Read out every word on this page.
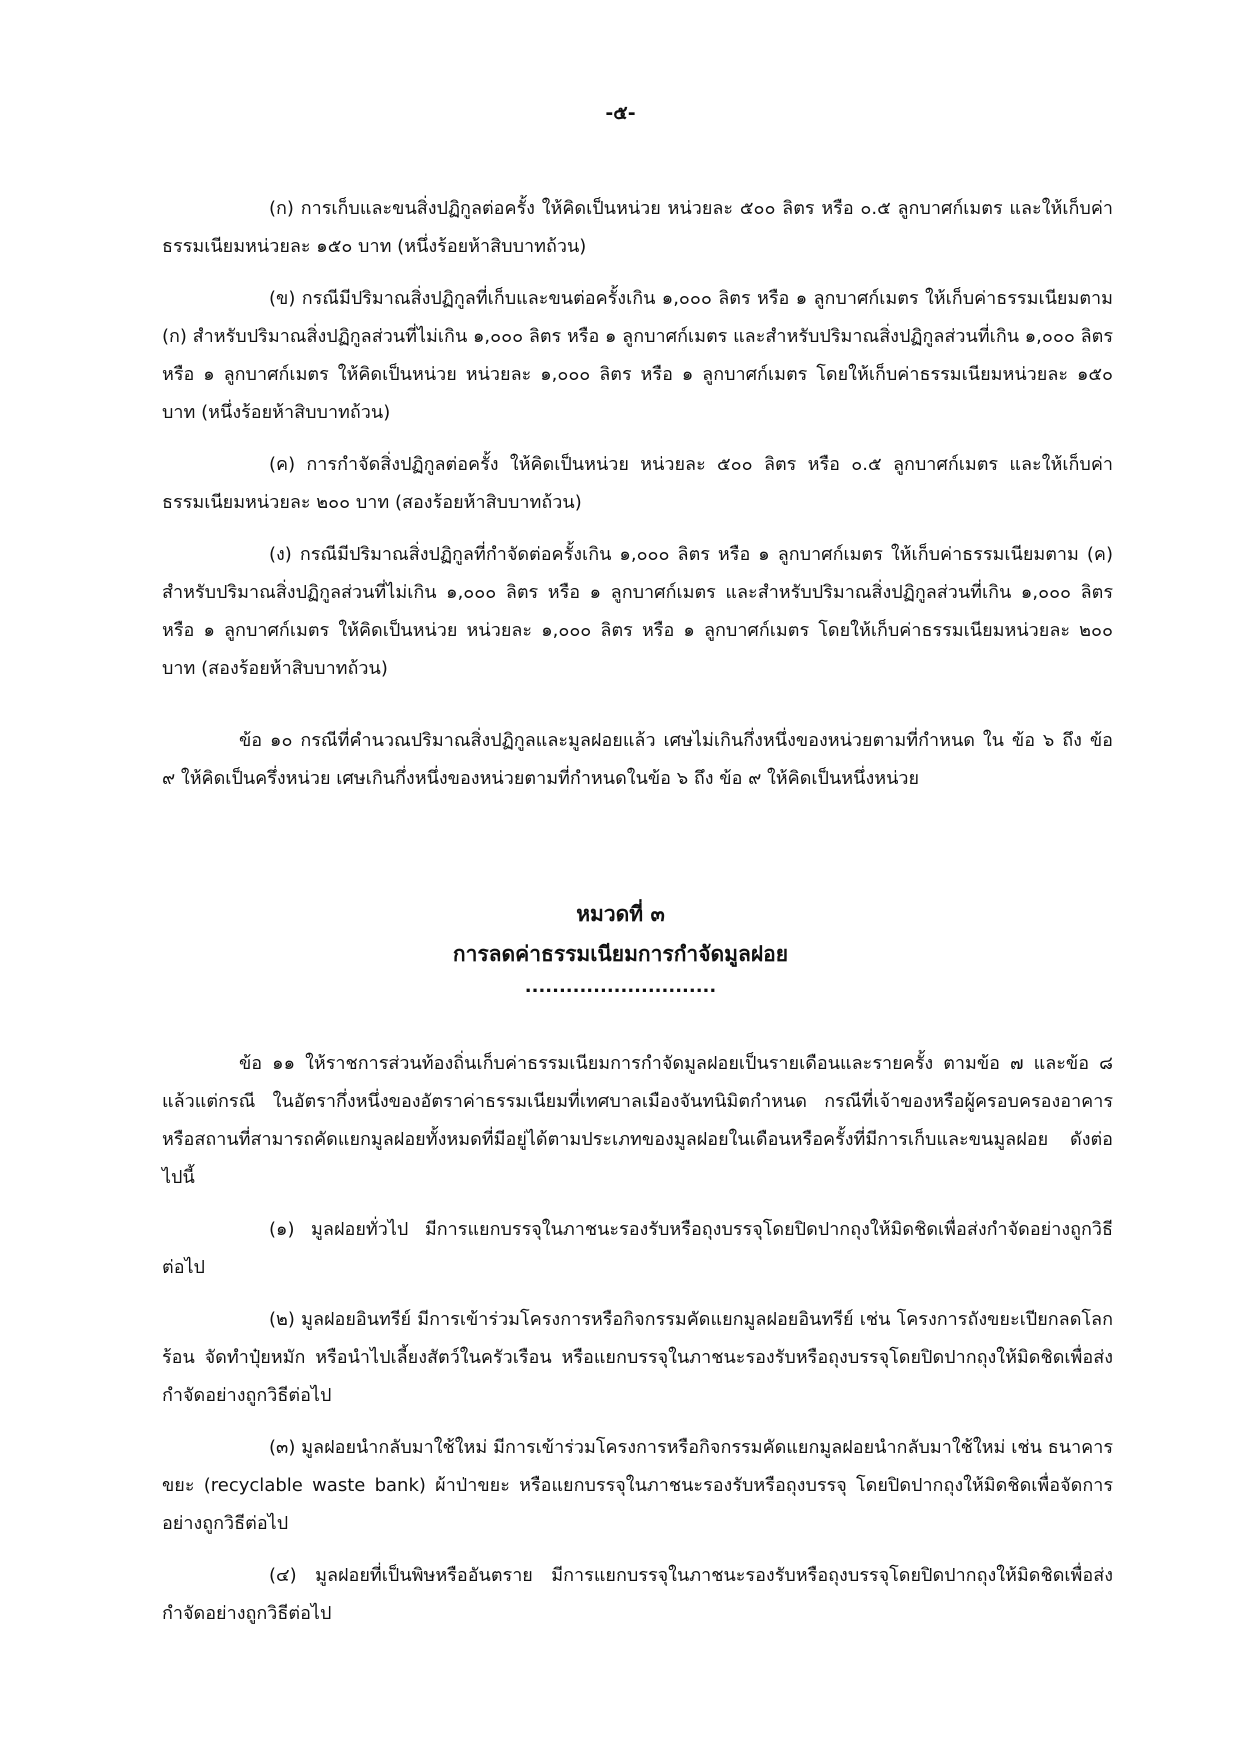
-๕-

(ก) การเก็บและขนสิ่งปฏิกูลต่อครั้ง ให้คิดเป็นหน่วย หน่วยละ ๕๐๐ ลิตร หรือ ๐.๕ ลูกบาศก์เมตร และให้เก็บค่าธรรมเนียมหน่วยละ ๑๕๐ บาท (หนึ่งร้อยห้าสิบบาทถ้วน)

(ข) กรณีมีปริมาณสิ่งปฏิกูลที่เก็บและขนต่อครั้งเกิน ๑,๐๐๐ ลิตร หรือ ๑ ลูกบาศก์เมตร ให้เก็บค่าธรรมเนียมตาม (ก) สำหรับปริมาณสิ่งปฏิกูลส่วนที่ไม่เกิน ๑,๐๐๐ ลิตร หรือ ๑ ลูกบาศก์เมตร และสำหรับปริมาณสิ่งปฏิกูลส่วนที่เกิน ๑,๐๐๐ ลิตร หรือ ๑ ลูกบาศก์เมตร ให้คิดเป็นหน่วย หน่วยละ ๑,๐๐๐ ลิตร หรือ ๑ ลูกบาศก์เมตร โดยให้เก็บค่าธรรมเนียมหน่วยละ ๑๕๐ บาท (หนึ่งร้อยห้าสิบบาทถ้วน)

(ค) การกำจัดสิ่งปฏิกูลต่อครั้ง ให้คิดเป็นหน่วย หน่วยละ ๕๐๐ ลิตร หรือ ๐.๕ ลูกบาศก์เมตร และให้เก็บค่าธรรมเนียมหน่วยละ ๒๐๐ บาท (สองร้อยห้าสิบบาทถ้วน)

(ง) กรณีมีปริมาณสิ่งปฏิกูลที่กำจัดต่อครั้งเกิน ๑,๐๐๐ ลิตร หรือ ๑ ลูกบาศก์เมตร ให้เก็บค่าธรรมเนียมตาม (ค) สำหรับปริมาณสิ่งปฏิกูลส่วนที่ไม่เกิน ๑,๐๐๐ ลิตร หรือ ๑ ลูกบาศก์เมตร และสำหรับปริมาณสิ่งปฏิกูลส่วนที่เกิน ๑,๐๐๐ ลิตร หรือ ๑ ลูกบาศก์เมตร ให้คิดเป็นหน่วย หน่วยละ ๑,๐๐๐ ลิตร หรือ ๑ ลูกบาศก์เมตร โดยให้เก็บค่าธรรมเนียมหน่วยละ ๒๐๐ บาท (สองร้อยห้าสิบบาทถ้วน)

ข้อ ๑๐ กรณีที่คำนวณปริมาณสิ่งปฏิกูลและมูลฝอยแล้ว เศษไม่เกินกึ่งหนึ่งของหน่วยตามที่กำหนด ใน ข้อ ๖ ถึง ข้อ ๙ ให้คิดเป็นครึ่งหน่วย เศษเกินกึ่งหนึ่งของหน่วยตามที่กำหนดในข้อ ๖ ถึง ข้อ ๙ ให้คิดเป็นหนึ่งหน่วย

หมวดที่ ๓

การลดค่าธรรมเนียมการกำจัดมูลฝอย

............................

ข้อ ๑๑ ให้ราชการส่วนท้องถิ่นเก็บค่าธรรมเนียมการกำจัดมูลฝอยเป็นรายเดือนและรายครั้ง ตามข้อ ๗ และข้อ ๘ แล้วแต่กรณี ในอัตรากึ่งหนึ่งของอัตราค่าธรรมเนียมที่เทศบาลเมืองจันทนิมิตกำหนด กรณีที่เจ้าของหรือผู้ครอบครองอาคารหรือสถานที่สามารถคัดแยกมูลฝอยทั้งหมดที่มีอยู่ได้ตามประเภทของมูลฝอยในเดือนหรือครั้งที่มีการเก็บและขนมูลฝอย ดังต่อไปนี้

(๑) มูลฝอยทั่วไป มีการแยกบรรจุในภาชนะรองรับหรือถุงบรรจุโดยปิดปากถุงให้มิดชิดเพื่อส่งกำจัดอย่างถูกวิธีต่อไป

(๒) มูลฝอยอินทรีย์ มีการเข้าร่วมโครงการหรือกิจกรรมคัดแยกมูลฝอยอินทรีย์ เช่น โครงการถังขยะเปียกลดโลกร้อน จัดทำปุ๋ยหมัก หรือนำไปเลี้ยงสัตว์ในครัวเรือน หรือแยกบรรจุในภาชนะรองรับหรือถุงบรรจุโดยปิดปากถุงให้มิดชิดเพื่อส่งกำจัดอย่างถูกวิธีต่อไป

(๓) มูลฝอยนำกลับมาใช้ใหม่ มีการเข้าร่วมโครงการหรือกิจกรรมคัดแยกมูลฝอยนำกลับมาใช้ใหม่ เช่น ธนาคารขยะ (recyclable waste bank) ผ้าป่าขยะ หรือแยกบรรจุในภาชนะรองรับหรือถุงบรรจุ โดยปิดปากถุงให้มิดชิดเพื่อจัดการอย่างถูกวิธีต่อไป

(๔) มูลฝอยที่เป็นพิษหรืออันตราย มีการแยกบรรจุในภาชนะรองรับหรือถุงบรรจุโดยปิดปากถุงให้มิดชิดเพื่อส่งกำจัดอย่างถูกวิธีต่อไป
